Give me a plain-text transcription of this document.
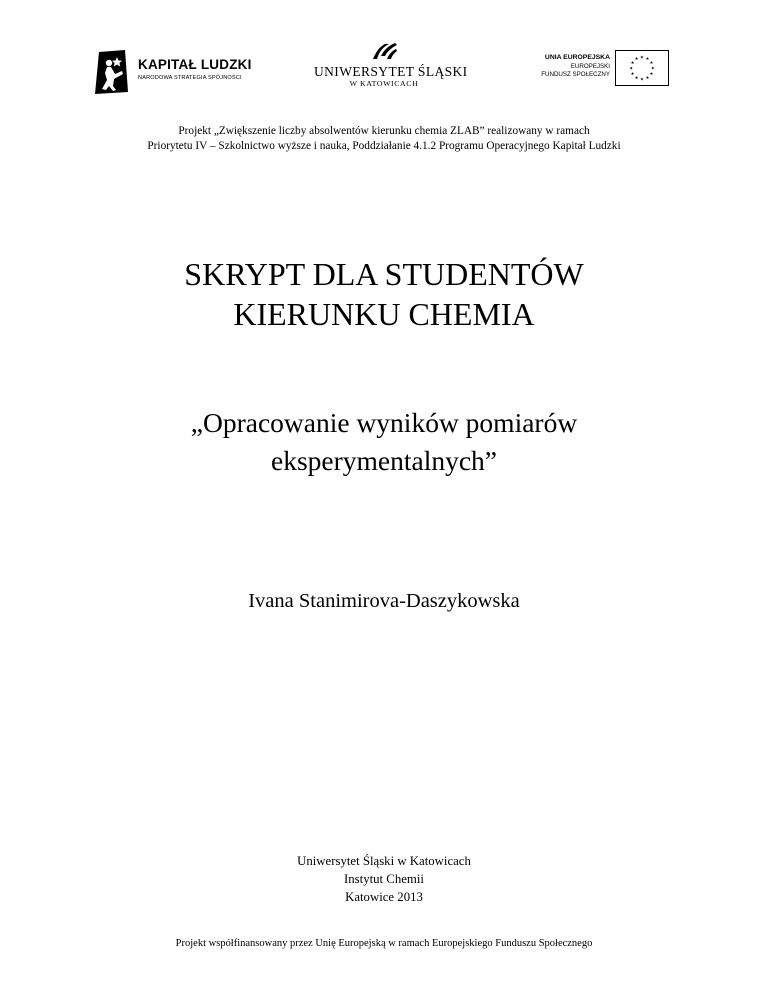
KAPITAŁ LUDZKI
NARODOWA STRATEGIA SPÓJNOŚCI	UNIWERSYTET ŚLĄSKI
W KATOWICACH
UNIA EUROPEJSKA
EUROPEJSKI
FUNDUSZ SPOŁECZNY
★ ★
★
★
★
★
★
★
★
★
★
★
Projekt „Zwiększenie liczby absolwentów kierunku chemia ZLAB” realizowany w ramach
Priorytetu IV – Szkolnictwo wyższe i nauka, Poddziałanie 4.1.2 Programu Operacyjnego Kapitał Ludzki
SKRYPT DLA STUDENTÓW
KIERUNKU CHEMIA
„Opracowanie wyników pomiarów
eksperymentalnych”
Ivana Stanimirova-Daszykowska
Uniwersytet Śląski w Katowicach
Instytut Chemii
Katowice 2013
Projekt współfinansowany przez Unię Europejską w ramach Europejskiego Funduszu Społecznego
